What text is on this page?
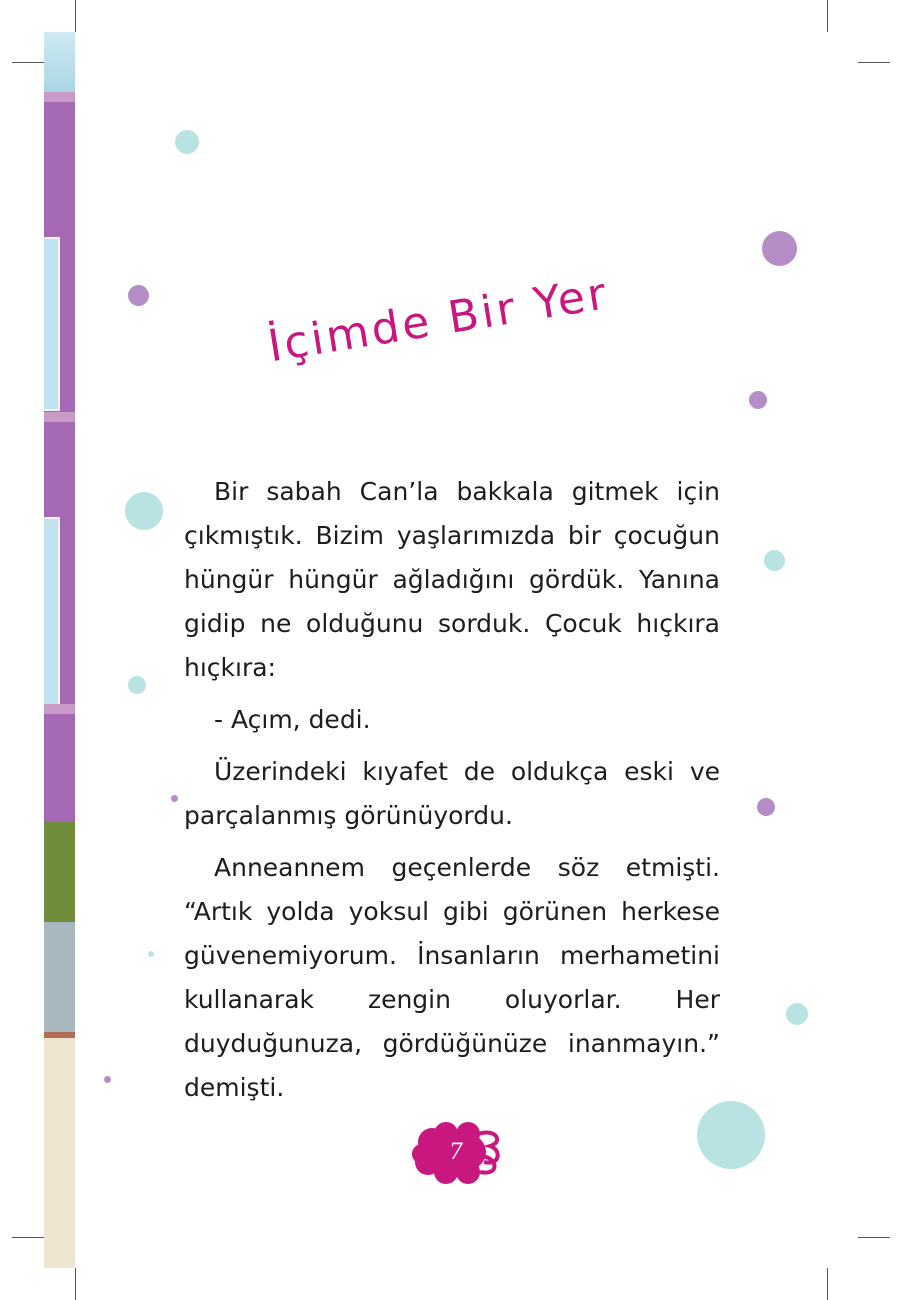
İçimde Bir Yer

Bir sabah Can’la bakkala gitmek için çıkmıştık. Bizim yaşlarımızda bir çocuğun hüngür hüngür ağladığını gördük. Yanına gidip ne olduğunu sorduk. Çocuk hıçkıra hıçkıra:

- Açım, dedi.

Üzerindeki kıyafet de oldukça eski ve parçalanmış görünüyordu.

Anneannem geçenlerde söz etmişti. “Artık yolda yoksul gibi görünen herkese güvenemiyorum. İnsanların merhametini kullanarak zengin oluyorlar. Her duyduğunuza, gördüğünüze inanmayın.” demişti.

7
